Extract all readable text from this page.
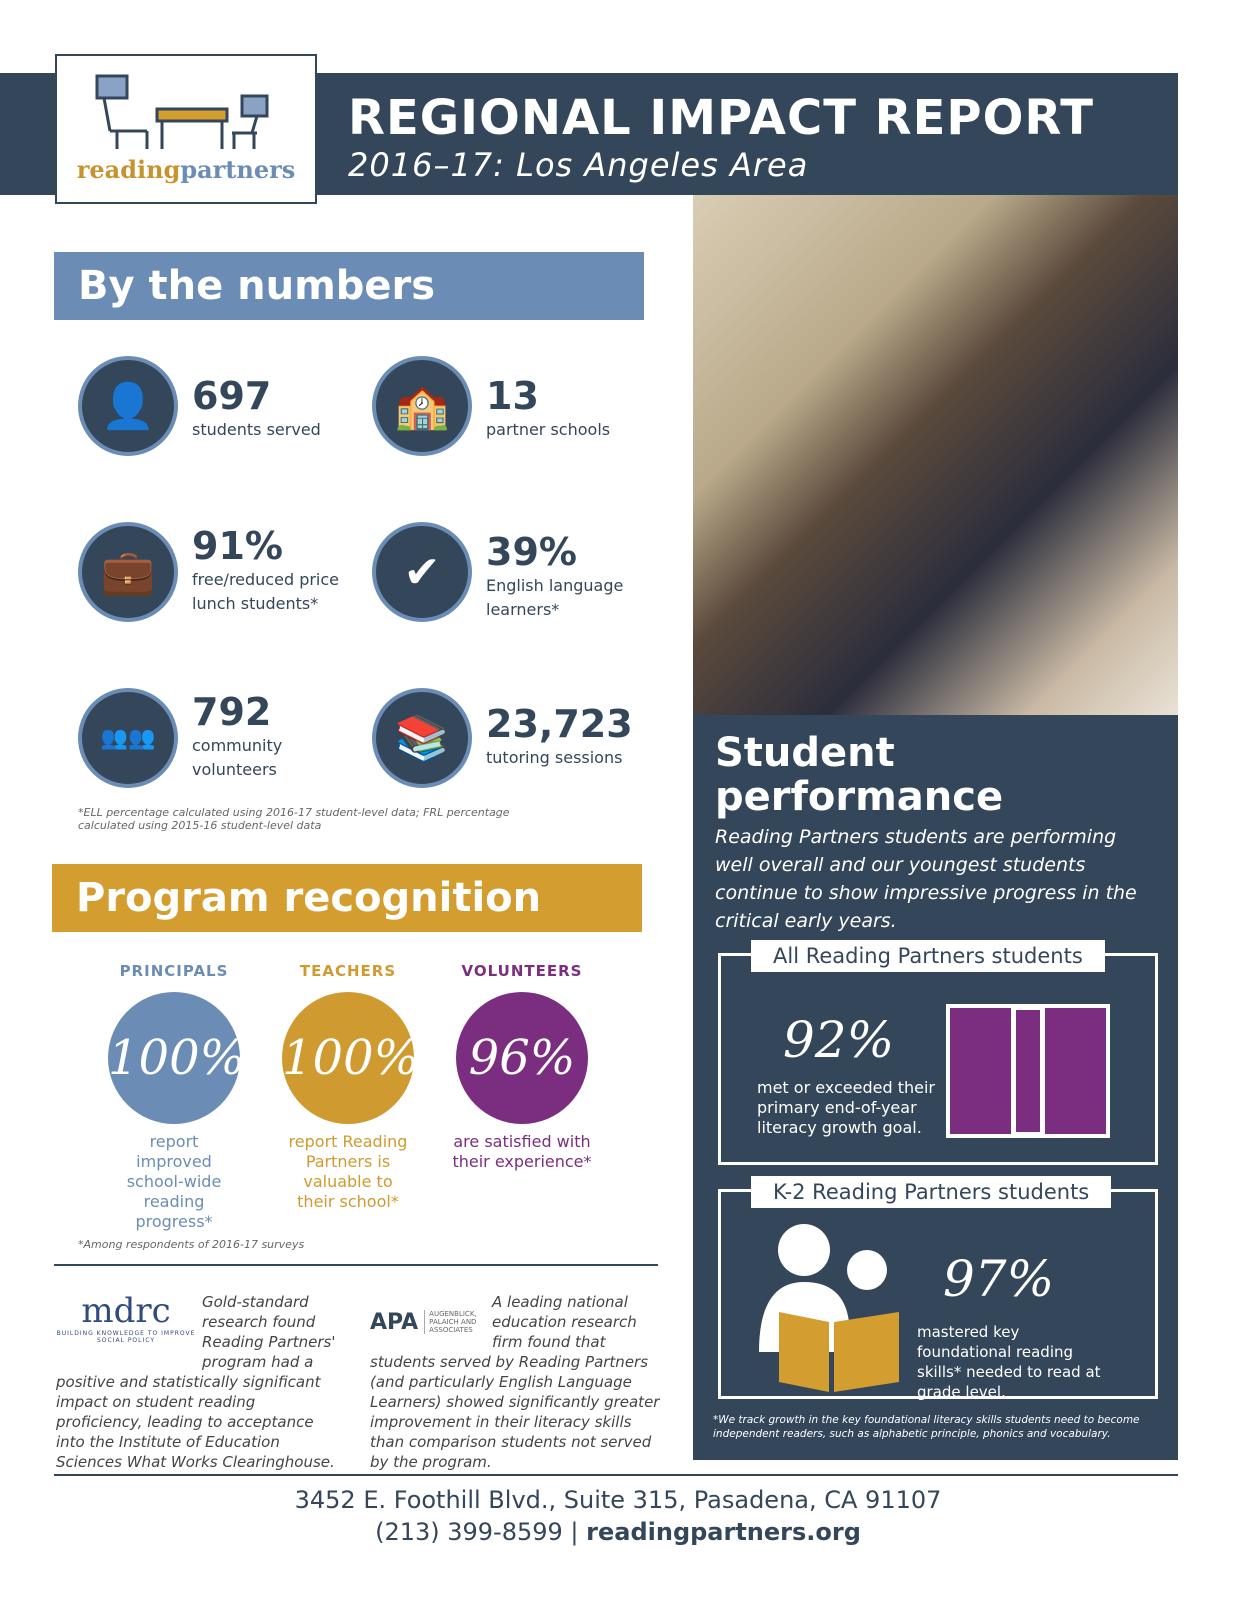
readingpartners
REGIONAL IMPACT REPORT
2016–17: Los Angeles Area
By the numbers
👤 697
students served	🏫 13
partner schools
💼
91%
free/reduced price lunch students*
✔	39%
English language learners*
👥👥
792
community volunteers
📚 23,723
tutoring sessions
*ELL percentage calculated using 2016-17 student-level data; FRL percentage calculated using 2015-16 student-level data
Program recognition
PRINCIPALS
100%
report improved school-wide reading progress*
TEACHERS
100%
report Reading Partners is valuable to their school*
VOLUNTEERS
96%
are satisfied with their experience*
*Among respondents of 2016-17 surveys
mdrc
BUILDING KNOWLEDGE TO IMPROVE SOCIAL POLICY
Gold-standard research found Reading Partners' program had a positive and statistically significant impact on student reading proficiency, leading to acceptance into the Institute of Education Sciences What Works Clearinghouse.
APA	AUGENBLICK, PALAICH AND ASSOCIATES
A leading national education research firm found that students served by Reading Partners (and particularly English Language Learners) showed significantly greater improvement in their literacy skills than comparison students not served by the program.
Student performance
Reading Partners students are performing well overall and our youngest students continue to show impressive progress in the critical early years.
All Reading Partners students
92%
met or exceeded their primary end-of-year literacy growth goal.
K-2 Reading Partners students
97%
mastered key foundational reading skills* needed to read at grade level.
*We track growth in the key foundational literacy skills students need to become independent readers, such as alphabetic principle, phonics and vocabulary.
3452 E. Foothill Blvd., Suite 315, Pasadena, CA 91107
(213) 399-8599 | readingpartners.org
